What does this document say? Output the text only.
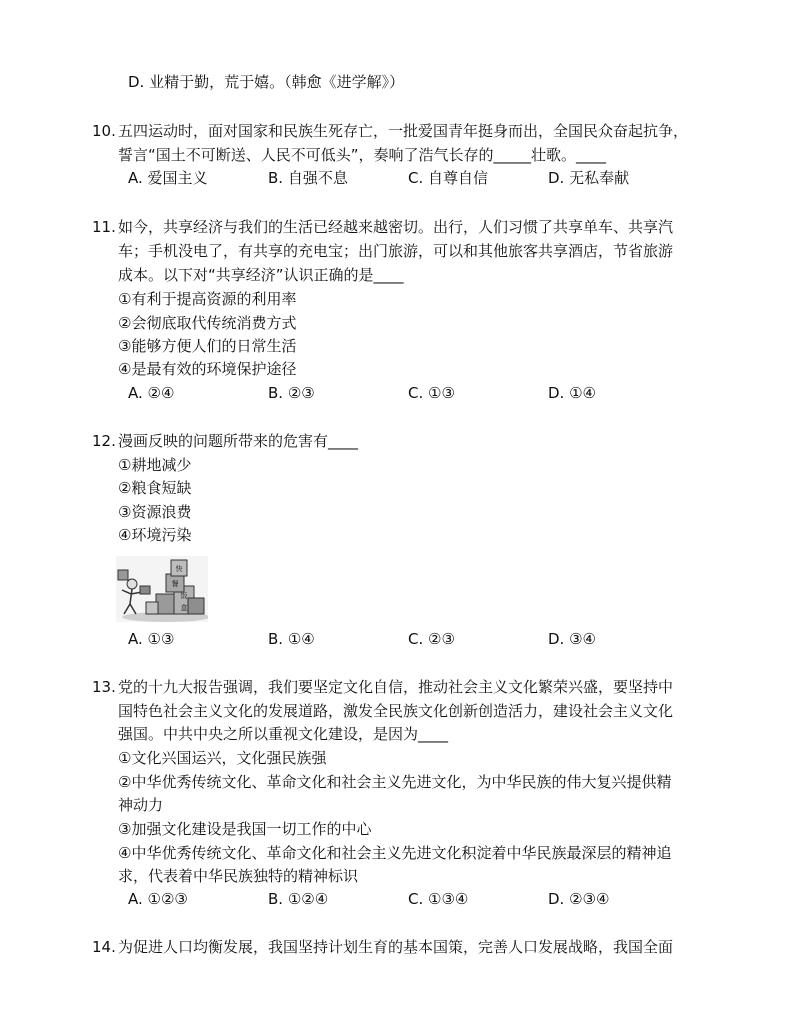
D. 业精于勤，荒于嬉。（韩愈《进学解》）
10. 五四运动时，面对国家和民族生死存亡，一批爱国青年挺身而出，全国民众奋起抗争，
誓言“国土不可断送、人民不可低头”，奏响了浩气长存的_____壮歌。____
A. 爱国主义	B. 自强不息	C. 自尊自信	D. 无私奉献
11. 如今，共享经济与我们的生活已经越来越密切。出行，人们习惯了共享单车、共享汽
车；手机没电了，有共享的充电宝；出门旅游，可以和其他旅客共享酒店，节省旅游
成本。以下对“共享经济”认识正确的是____
①有利于提高资源的利用率
②会彻底取代传统消费方式
③能够方便人们的日常生活
④是最有效的环境保护途径
A. ②④	B. ②③	C. ①③	D. ①④
12. 漫画反映的问题所带来的危害有____
①耕地减少
②粮食短缺
③资源浪费
④环境污染
快
餐
饭
盒
A. ①③	B. ①④	C. ②③	D. ③④
13. 党的十九大报告强调，我们要坚定文化自信，推动社会主义文化繁荣兴盛，要坚持中
国特色社会主义文化的发展道路，激发全民族文化创新创造活力，建设社会主义文化
强国。中共中央之所以重视文化建设，是因为____
①文化兴国运兴，文化强民族强
②中华优秀传统文化、革命文化和社会主义先进文化，为中华民族的伟大复兴提供精
神动力
③加强文化建设是我国一切工作的中心
④中华优秀传统文化、革命文化和社会主义先进文化积淀着中华民族最深层的精神追
求，代表着中华民族独特的精神标识
A. ①②③	B. ①②④	C. ①③④	D. ②③④
14. 为促进人口均衡发展，我国坚持计划生育的基本国策，完善人口发展战略，我国全面
